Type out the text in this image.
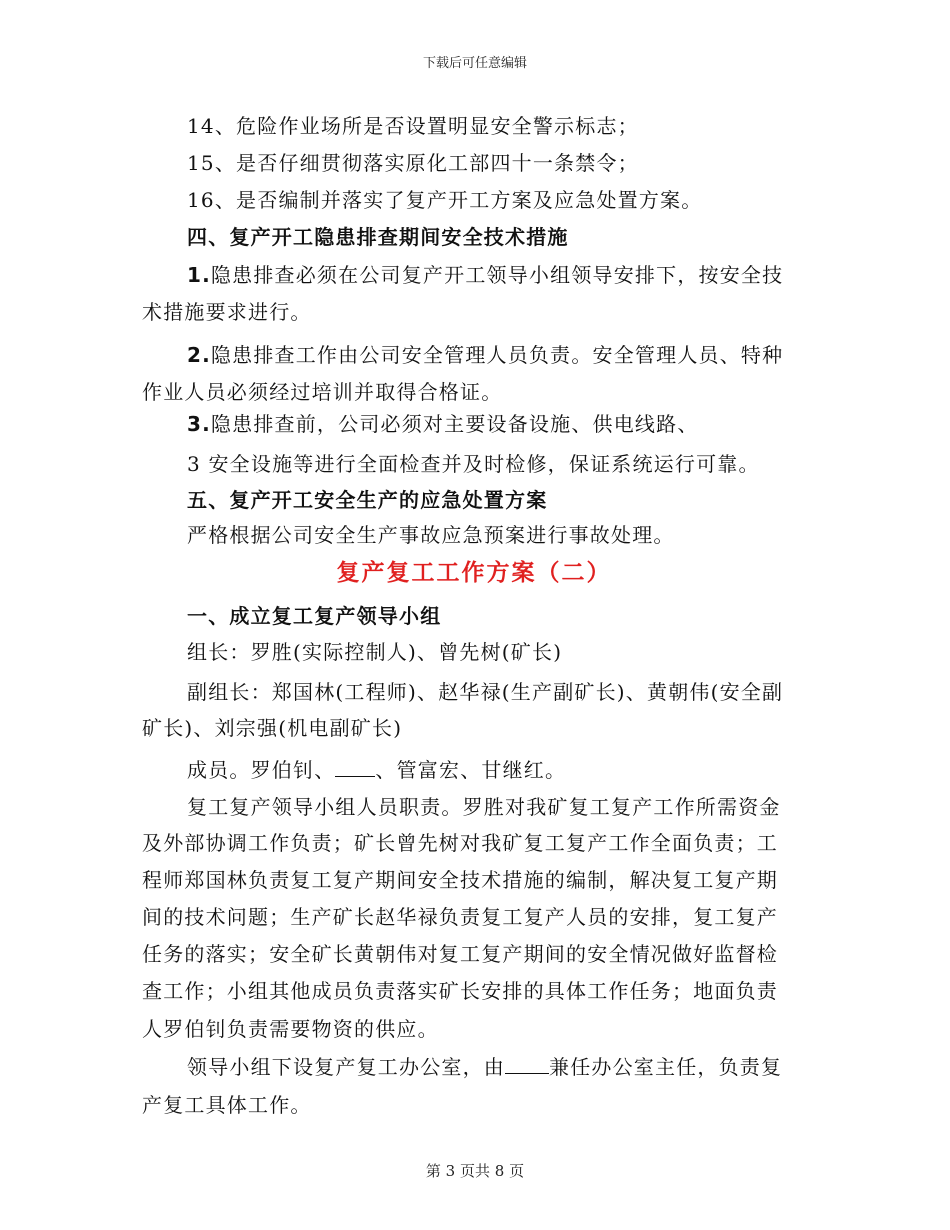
下载后可任意编辑
14、危险作业场所是否设置明显安全警示标志；
15、是否仔细贯彻落实原化工部四十一条禁令；
16、是否编制并落实了复产开工方案及应急处置方案。
四、复产开工隐患排查期间安全技术措施
1.隐患排查必须在公司复产开工领导小组领导安排下，按安全技
术措施要求进行。
2.隐患排查工作由公司安全管理人员负责。安全管理人员、特种
作业人员必须经过培训并取得合格证。
3.隐患排查前，公司必须对主要设备设施、供电线路、
3 安全设施等进行全面检查并及时检修，保证系统运行可靠。
五、复产开工安全生产的应急处置方案
严格根据公司安全生产事故应急预案进行事故处理。
复产复工工作方案（二）
一、成立复工复产领导小组
组长：罗胜(实际控制人)、曾先树(矿长)
副组长：郑国林(工程师)、赵华禄(生产副矿长)、黄朝伟(安全副
矿长)、刘宗强(机电副矿长)
成员。罗伯钊、 、管富宏、甘继红。
复工复产领导小组人员职责。罗胜对我矿复工复产工作所需资金
及外部协调工作负责；矿长曾先树对我矿复工复产工作全面负责；工
程师郑国林负责复工复产期间安全技术措施的编制，解决复工复产期
间的技术问题；生产矿长赵华禄负责复工复产人员的安排，复工复产
任务的落实；安全矿长黄朝伟对复工复产期间的安全情况做好监督检
查工作；小组其他成员负责落实矿长安排的具体工作任务；地面负责
人罗伯钊负责需要物资的供应。
领导小组下设复产复工办公室，由 兼任办公室主任，负责复
产复工具体工作。
第 3 页共 8 页
